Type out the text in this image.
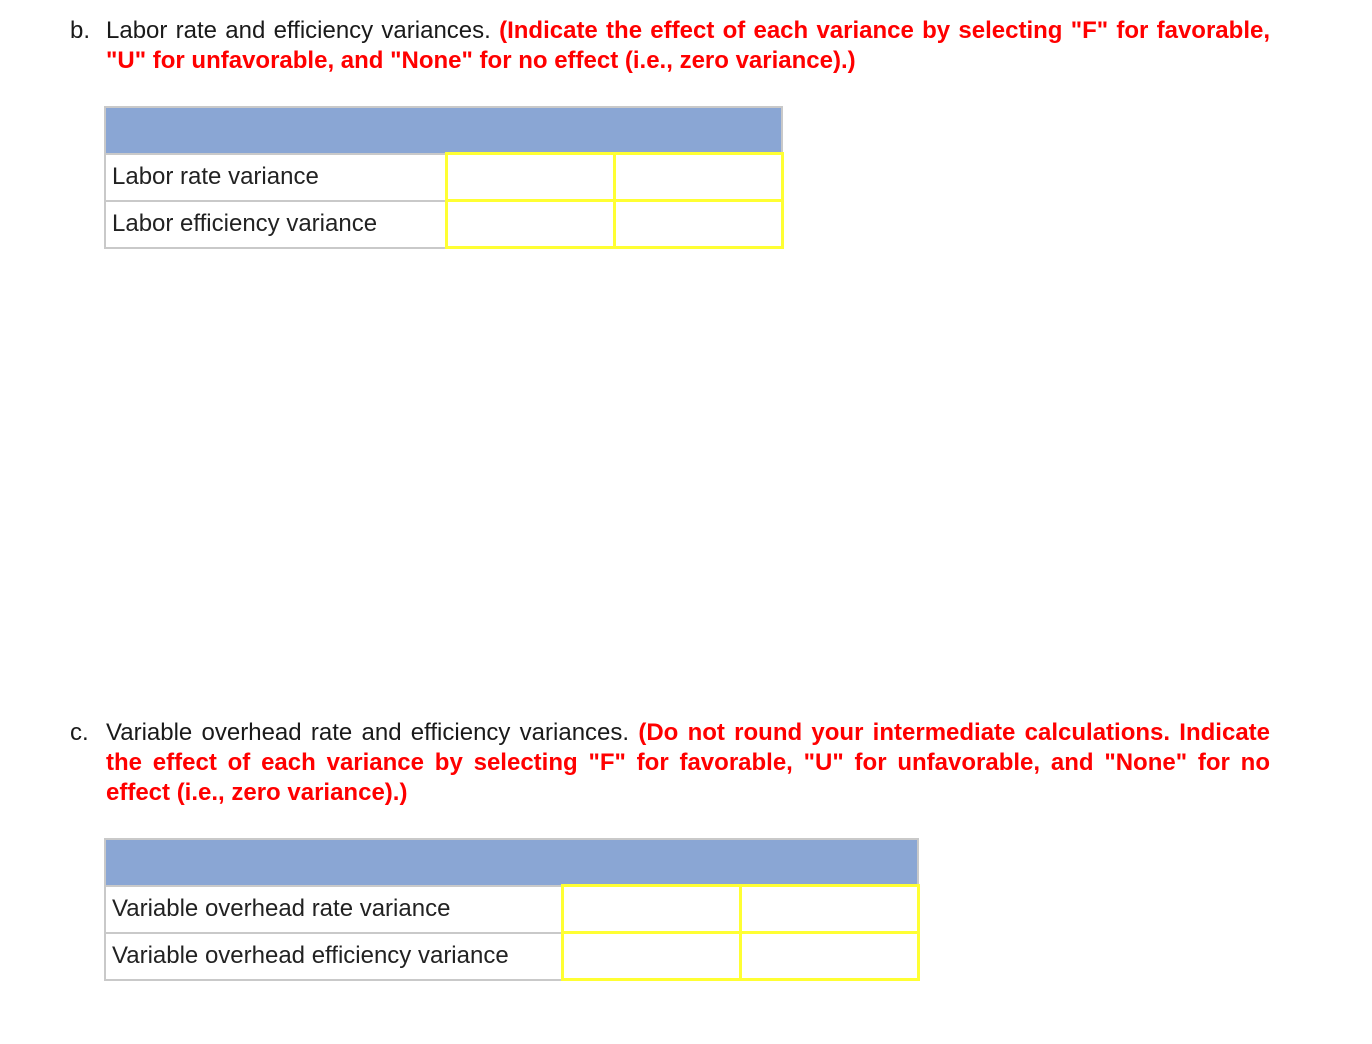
b. Labor rate and efficiency variances. (Indicate the effect of each variance by selecting "F" for favorable, "U" for unfavorable, and "None" for no effect (i.e., zero variance).)

Labor rate variance		
Labor efficiency variance		
c. Variable overhead rate and efficiency variances. (Do not round your intermediate calculations. Indicate the effect of each variance by selecting "F" for favorable, "U" for unfavorable, and "None" for no effect (i.e., zero variance).)

Variable overhead rate variance		
Variable overhead efficiency variance		
